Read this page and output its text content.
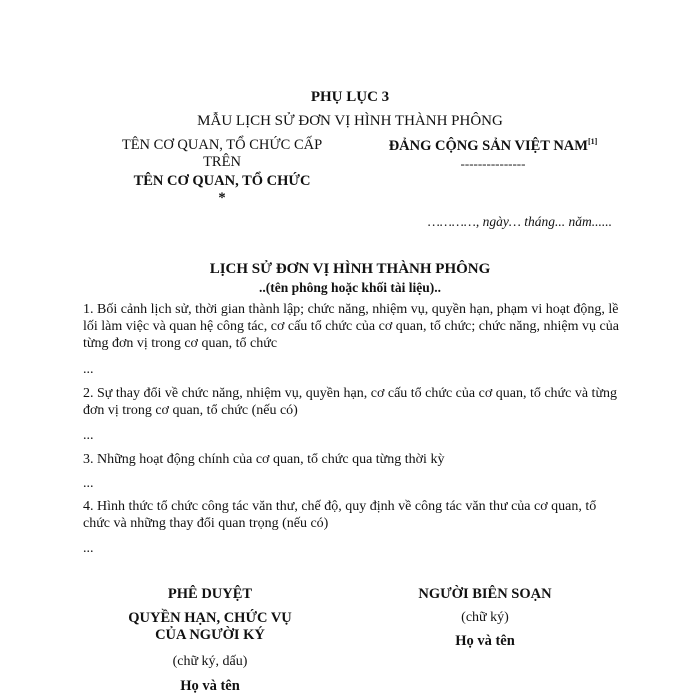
PHỤ LỤC 3
MẪU LỊCH SỬ ĐƠN VỊ HÌNH THÀNH PHÔNG
TÊN CƠ QUAN, TỔ CHỨC CẤP
TRÊN
TÊN CƠ QUAN, TỔ CHỨC
*
ĐẢNG CỘNG SẢN VIỆT NAM[1]
---------------
…………, ngày… tháng... năm......
LỊCH SỬ ĐƠN VỊ HÌNH THÀNH PHÔNG
..(tên phông hoặc khối tài liệu)..
1. Bối cảnh lịch sử, thời gian thành lập; chức năng, nhiệm vụ, quyền hạn, phạm vi hoạt động, lề lối làm việc và quan hệ công tác, cơ cấu tổ chức của cơ quan, tổ chức; chức năng, nhiệm vụ của từng đơn vị trong cơ quan, tổ chức
...
2. Sự thay đổi về chức năng, nhiệm vụ, quyền hạn, cơ cấu tổ chức của cơ quan, tổ chức và từng đơn vị trong cơ quan, tổ chức (nếu có)
...
3. Những hoạt động chính của cơ quan, tổ chức qua từng thời kỳ
...
4. Hình thức tổ chức công tác văn thư, chế độ, quy định về công tác văn thư của cơ quan, tổ chức và những thay đổi quan trọng (nếu có)
...
PHÊ DUYỆT
QUYỀN HẠN, CHỨC VỤ
CỦA NGƯỜI KÝ
(chữ ký, dấu)
Họ và tên
NGƯỜI BIÊN SOẠN
(chữ ký)
Họ và tên
